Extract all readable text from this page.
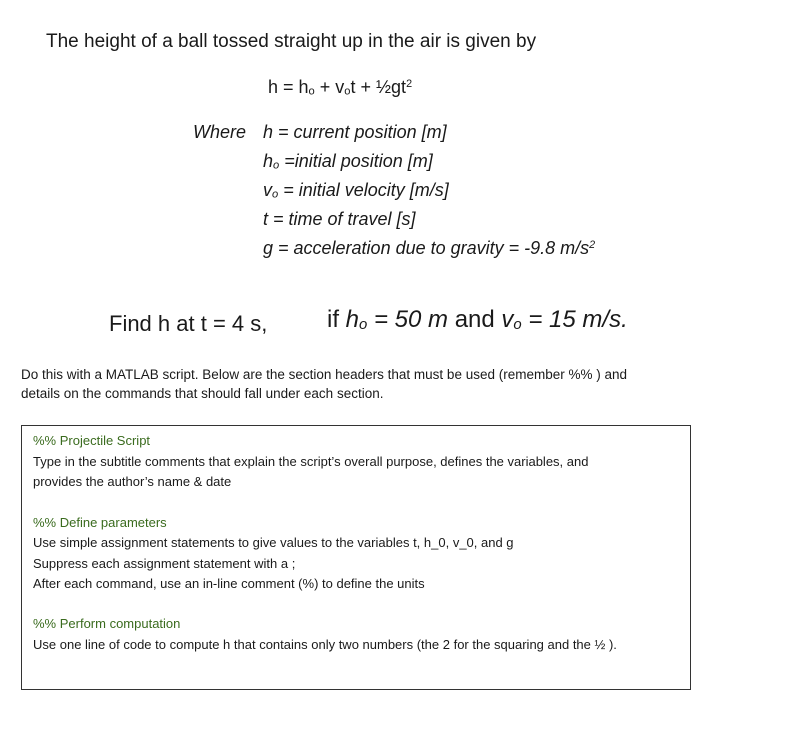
The height of a ball tossed straight up in the air is given by
$h = h_o + v_ot$ + $\frac{1}{2}gt^2$
Where h = current position [m]
$h_o$ =initial position [m]
$v_o$ = initial velocity [m/s]
t = time of travel [s]
g = acceleration due to gravity = -9.8 $m/s^2$
Find h at t = 4 s, if $h_o = 50$ m and $v_o = 15$ m/s.
Do this with a MATLAB script. Below are the section headers that must be used (remember %% ) and
details on the commands that should fall under each section.
%% Projectile Script
Type in the subtitle comments that explain the script’s overall purpose, defines the variables, and
provides the author’s name & date
%% Define parameters
Use simple assignment statements to give values to the variables t, h_0, v_0, and g
Suppress each assignment statement with a ;
After each command, use an in-line comment (%) to define the units
%% Perform computation
Use one line of code to compute h that contains only two numbers (the 2 for the squaring and the ½ ).
